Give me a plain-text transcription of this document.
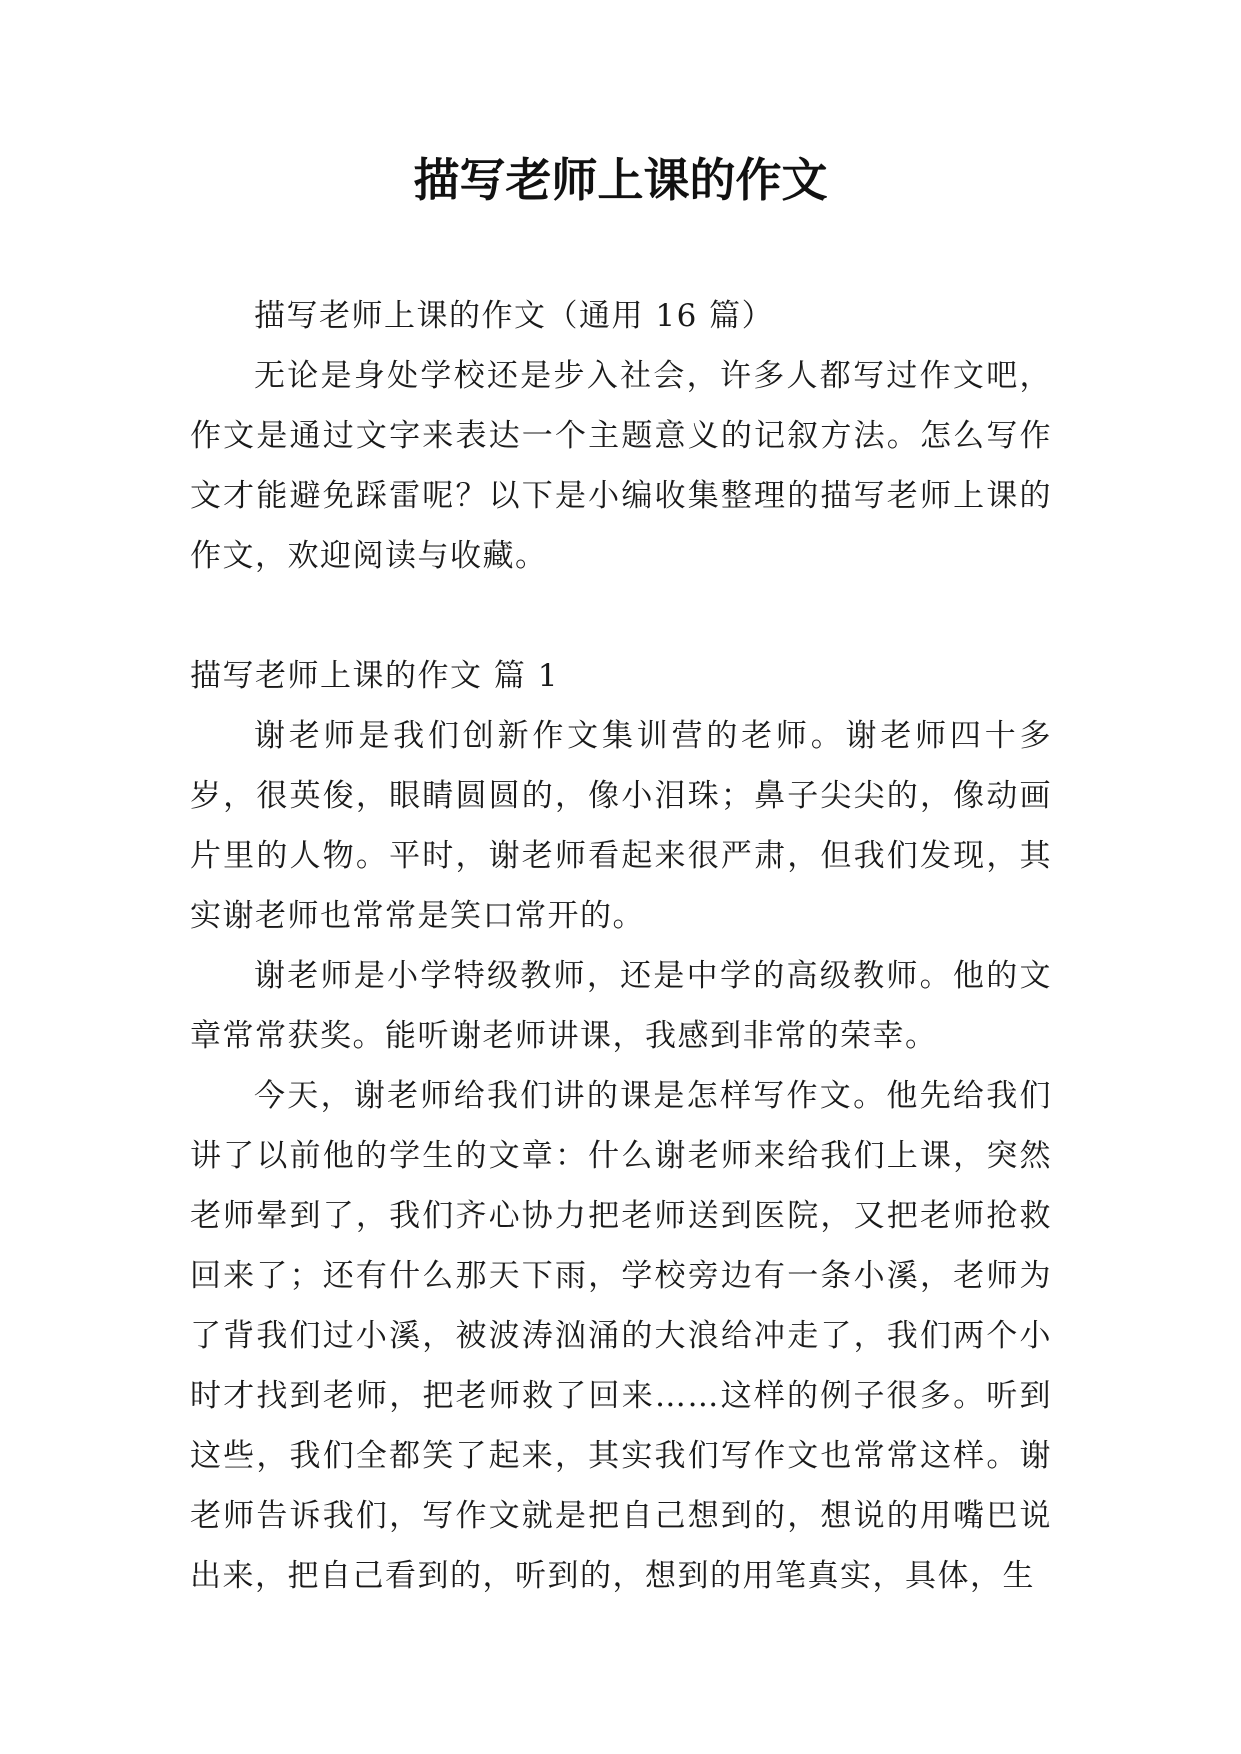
描写老师上课的作文

描写老师上课的作文（通用 16 篇）

无论是身处学校还是步入社会，许多人都写过作文吧，作文是通过文字来表达一个主题意义的记叙方法。怎么写作文才能避免踩雷呢？以下是小编收集整理的描写老师上课的作文，欢迎阅读与收藏。

描写老师上课的作文 篇 1

谢老师是我们创新作文集训营的老师。谢老师四十多岁，很英俊，眼睛圆圆的，像小泪珠；鼻子尖尖的，像动画片里的人物。平时，谢老师看起来很严肃，但我们发现，其实谢老师也常常是笑口常开的。

谢老师是小学特级教师，还是中学的高级教师。他的文章常常获奖。能听谢老师讲课，我感到非常的荣幸。

今天，谢老师给我们讲的课是怎样写作文。他先给我们讲了以前他的学生的文章：什么谢老师来给我们上课，突然老师晕到了，我们齐心协力把老师送到医院，又把老师抢救回来了；还有什么那天下雨，学校旁边有一条小溪，老师为了背我们过小溪，被波涛汹涌的大浪给冲走了，我们两个小时才找到老师，把老师救了回来……这样的例子很多。听到这些，我们全都笑了起来，其实我们写作文也常常这样。谢老师告诉我们，写作文就是把自己想到的，想说的用嘴巴说出来，把自己看到的，听到的，想到的用笔真实，具体，生
